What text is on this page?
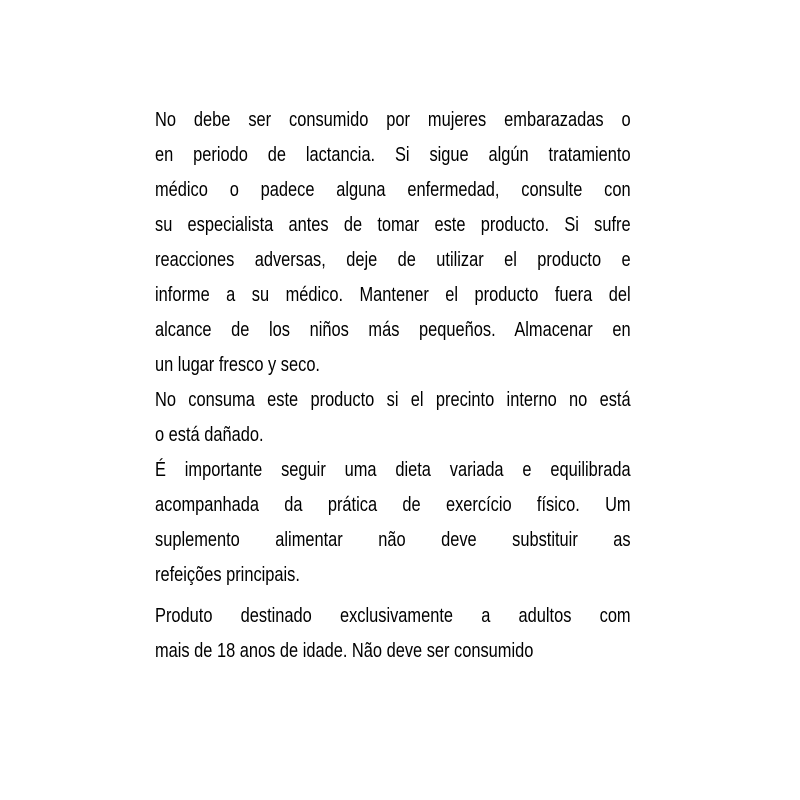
No debe ser consumido por mujeres embarazadas o
en periodo de lactancia. Si sigue algún tratamiento
médico o padece alguna enfermedad, consulte con
su especialista antes de tomar este producto. Si sufre
reacciones adversas, deje de utilizar el producto e
informe a su médico. Mantener el producto fuera del
alcance de los niños más pequeños. Almacenar en
un lugar fresco y seco.
No consuma este producto si el precinto interno no está
o está dañado.
É importante seguir uma dieta variada e equilibrada
acompanhada da prática de exercício físico. Um
suplemento alimentar não deve substituir as
refeições principais.
Produto destinado exclusivamente a adultos com
mais de 18 anos de idade. Não deve ser consumido
